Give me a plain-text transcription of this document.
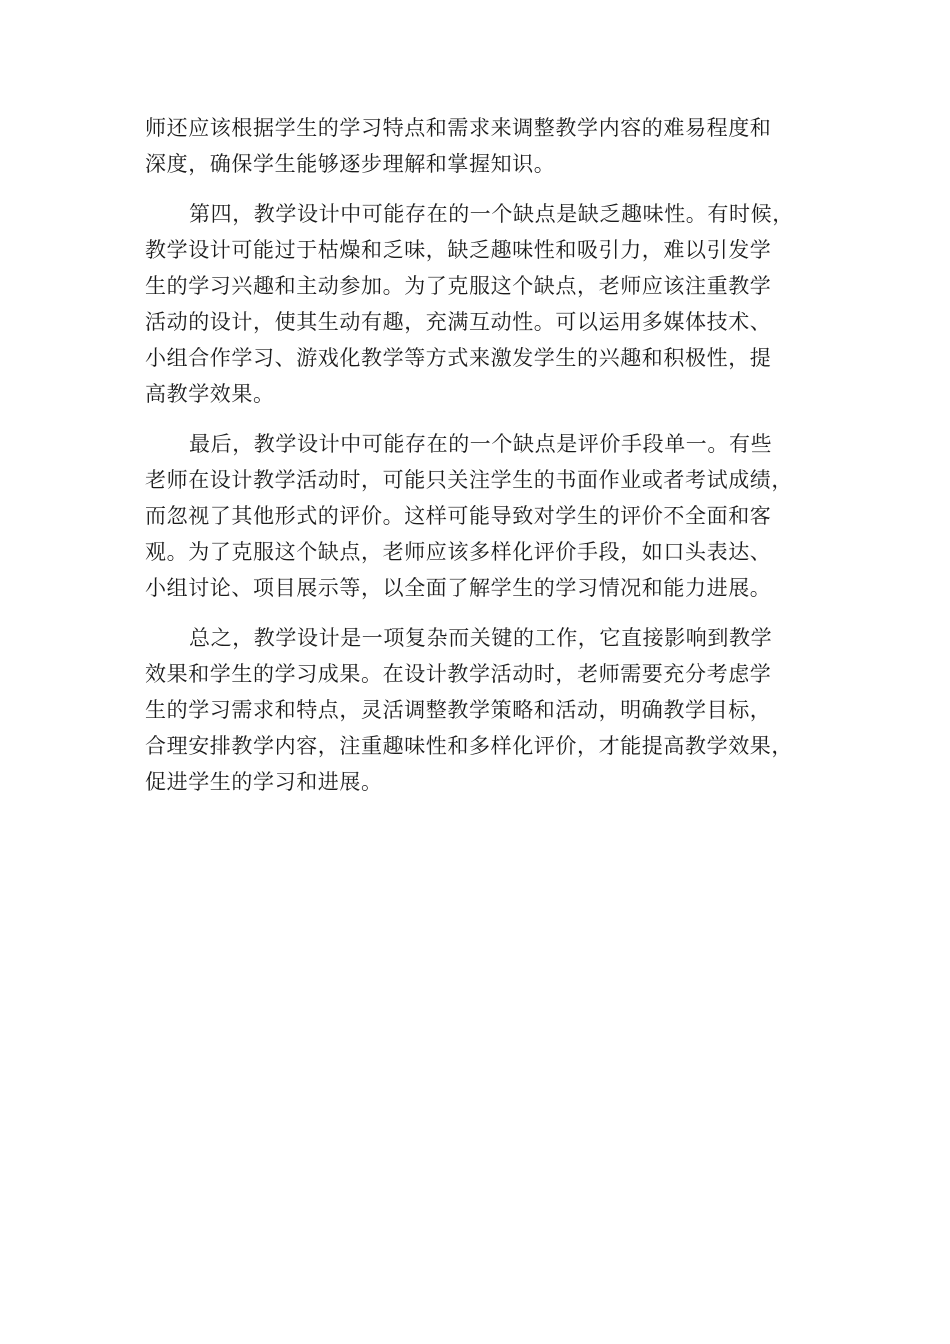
师还应该根据学生的学习特点和需求来调整教学内容的难易程度和
深度，确保学生能够逐步理解和掌握知识。

第四，教学设计中可能存在的一个缺点是缺乏趣味性。有时候，
教学设计可能过于枯燥和乏味，缺乏趣味性和吸引力，难以引发学
生的学习兴趣和主动参加。为了克服这个缺点，老师应该注重教学
活动的设计，使其生动有趣，充满互动性。可以运用多媒体技术、
小组合作学习、游戏化教学等方式来激发学生的兴趣和积极性，提
高教学效果。

最后，教学设计中可能存在的一个缺点是评价手段单一。有些
老师在设计教学活动时，可能只关注学生的书面作业或者考试成绩，
而忽视了其他形式的评价。这样可能导致对学生的评价不全面和客
观。为了克服这个缺点，老师应该多样化评价手段，如口头表达、
小组讨论、项目展示等，以全面了解学生的学习情况和能力进展。

总之，教学设计是一项复杂而关键的工作，它直接影响到教学
效果和学生的学习成果。在设计教学活动时，老师需要充分考虑学
生的学习需求和特点，灵活调整教学策略和活动，明确教学目标，
合理安排教学内容，注重趣味性和多样化评价，才能提高教学效果，
促进学生的学习和进展。
